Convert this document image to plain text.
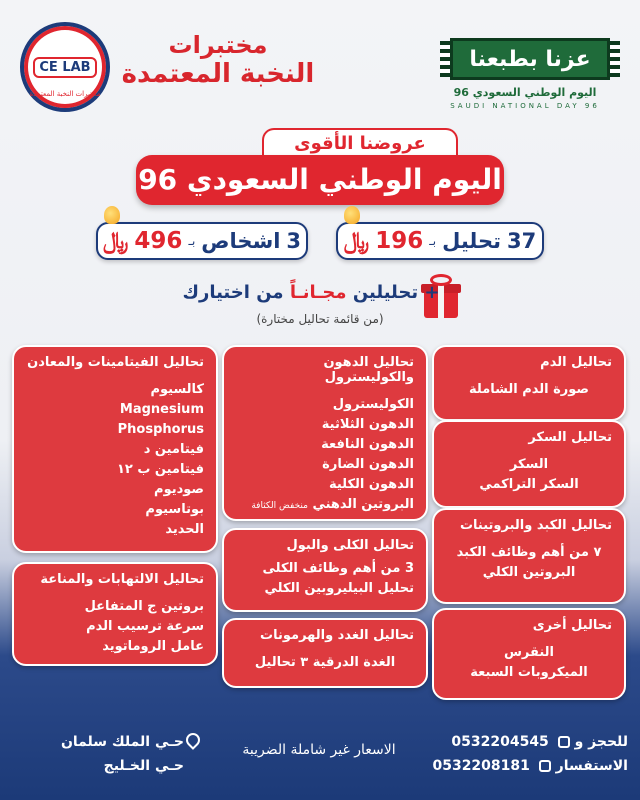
مختبرات
النخبة المعتمدة
CE LAB
مختبرات النخبة المعتمدة
عزنا بطبعنا
اليوم الوطني السعودي 96
SAUDI NATIONAL DAY 96
عروضنا الأقوى
اليوم الوطني السعودي 96
37
تحليل
بـ
196
﷼
3
اشخاص
بـ
496
﷼
+ تحليلين مجـانـاً من اختيارك
(من قائمة تحاليل مختارة)
تحاليل الدم
صورة الدم الشاملة
تحاليل السكر
السكر
السكر التراكمي
تحاليل الكبد والبروتينات
٧ من أهم وظائف الكبد
البروتين الكلي
تحاليل أخرى
النقرس
الميكروبات السبعة
تحاليل الدهون والكوليسترول
الكوليسترول
الدهون الثلاثية
الدهون النافعة
الدهون الضارة
الدهون الكلية
البروتين الدهني منخفض الكثافة
تحاليل الكلى والبول
3 من أهم وظائف الكلى
تحليل البيليروبين الكلي
تحاليل الغدد والهرمونات
الغدة الدرقية ٣ تحاليل
تحاليل الفيتامينات والمعادن
كالسيوم
Magnesium
Phosphorus
فيتامين د
فيتامين ب ١٢
صوديوم
بوتاسيوم
الحديد
تحاليل الالتهابات والمناعة
بروتين ج المتفاعل
سرعة ترسيب الدم
عامل الروماتويد
للحجز و  0532204545
الاستفسار  0532208181
الاسعار غير شاملة الضريبة
حـي الملك سلمان
حـي الخـليج
